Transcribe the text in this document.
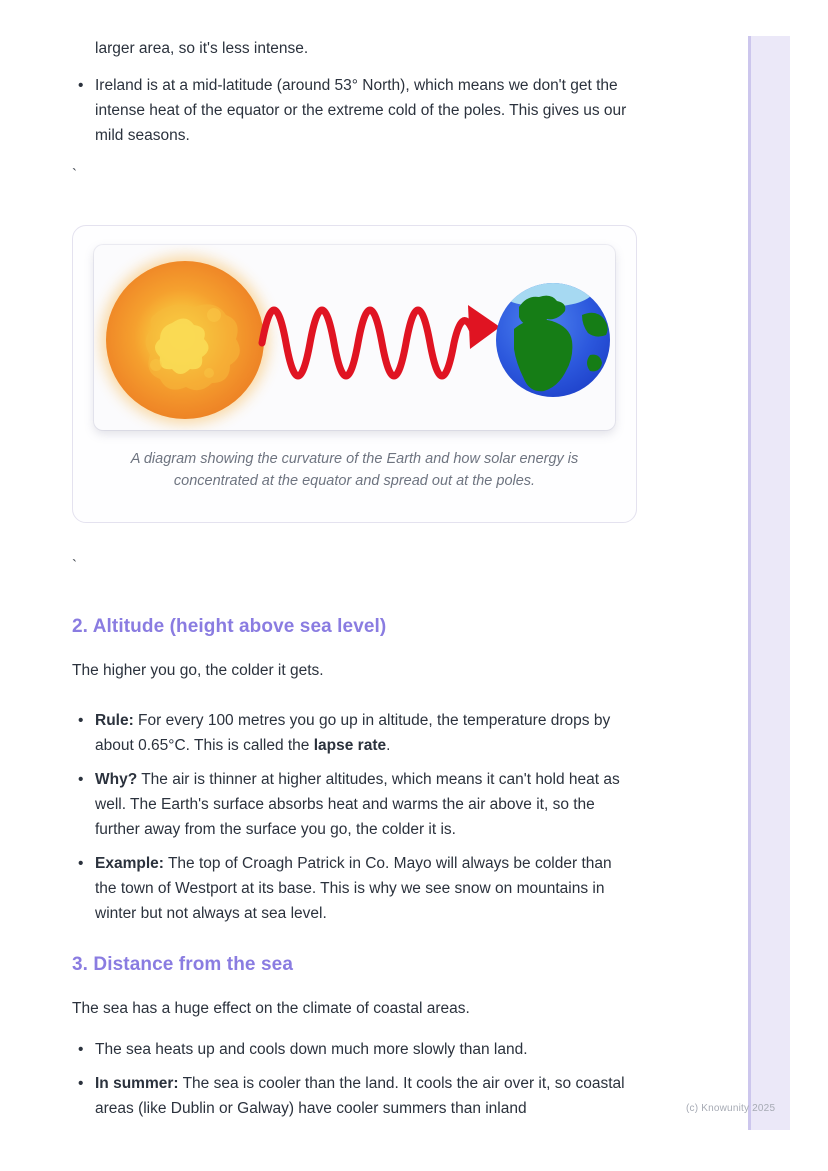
larger area, so it's less intense.

• Ireland is at a mid-latitude (around 53° North), which means we don't get the intense heat of the equator or the extreme cold of the poles. This gives us our mild seasons.

`

A diagram showing the curvature of the Earth and how solar energy is concentrated at the equator and spread out at the poles.

`

2. Altitude (height above sea level)

The higher you go, the colder it gets.

• Rule: For every 100 metres you go up in altitude, the temperature drops by about 0.65°C. This is called the lapse rate.
• Why? The air is thinner at higher altitudes, which means it can't hold heat as well. The Earth's surface absorbs heat and warms the air above it, so the further away from the surface you go, the colder it is.
• Example: The top of Croagh Patrick in Co. Mayo will always be colder than the town of Westport at its base. This is why we see snow on mountains in winter but not always at sea level.
3. Distance from the sea

The sea has a huge effect on the climate of coastal areas.

• The sea heats up and cools down much more slowly than land.
• In summer: The sea is cooler than the land. It cools the air over it, so coastal areas (like Dublin or Galway) have cooler summers than inland	(c) Knowunity 2025
